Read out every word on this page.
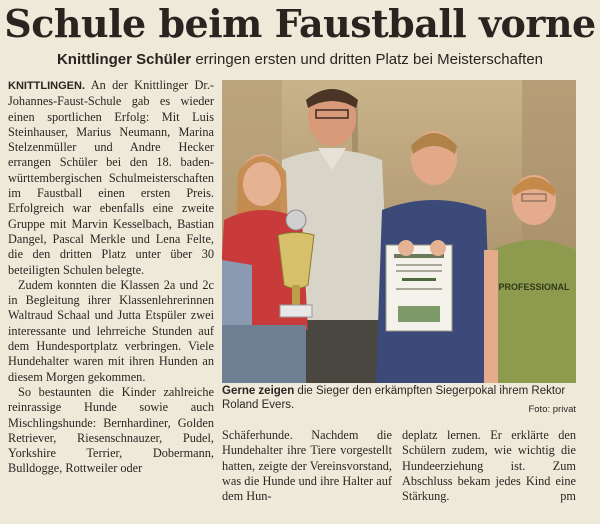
Schule beim Faustball vorne
Knittlinger Schüler erringen ersten und dritten Platz bei Meisterschaften

KNITTLINGEN. An der Knittlinger Dr.-Johannes-Faust-Schule gab es wieder einen sportlichen Erfolg: Mit Luis Steinhauser, Marius Neumann, Marina Stelzenmüller und Andre Hecker errangen Schüler bei den 18. baden-württembergischen Schulmeisterschaften im Faustball einen ersten Preis. Erfolgreich war ebenfalls eine zweite Gruppe mit Marvin Kesselbach, Bastian Dangel, Pascal Merkle und Lena Felte, die den dritten Platz unter über 30 beteiligten Schulen belegte.

Zudem konnten die Klassen 2a und 2c in Begleitung ihrer Klassenlehrerinnen Waltraud Schaal und Jutta Etspüler zwei interessante und lehrreiche Stunden auf dem Hundesportplatz verbringen. Viele Hundehalter waren mit ihren Hunden an diesem Morgen gekommen.

So bestaunten die Kinder zahlreiche reinrassige Hunde sowie auch Mischlingshunde: Bernhardiner, Golden Retriever, Riesenschnauzer, Pudel, Yorkshire Terrier, Dobermann, Bulldogge, Rottweiler oder

PROFESSIONAL
Gerne zeigen die Sieger den erkämpften Siegerpokal ihrem Rektor Roland Evers.	Foto: privat

Schäferhunde. Nachdem die Hundehalter ihre Tiere vorgestellt hatten, zeigte der Vereinsvorstand, was die Hunde und ihre Halter auf dem Hun-

deplatz lernen. Er erklärte den Schülern zudem, wie wichtig die Hundeerziehung ist. Zum Abschluss bekam jedes Kind eine Stärkung.	pm
